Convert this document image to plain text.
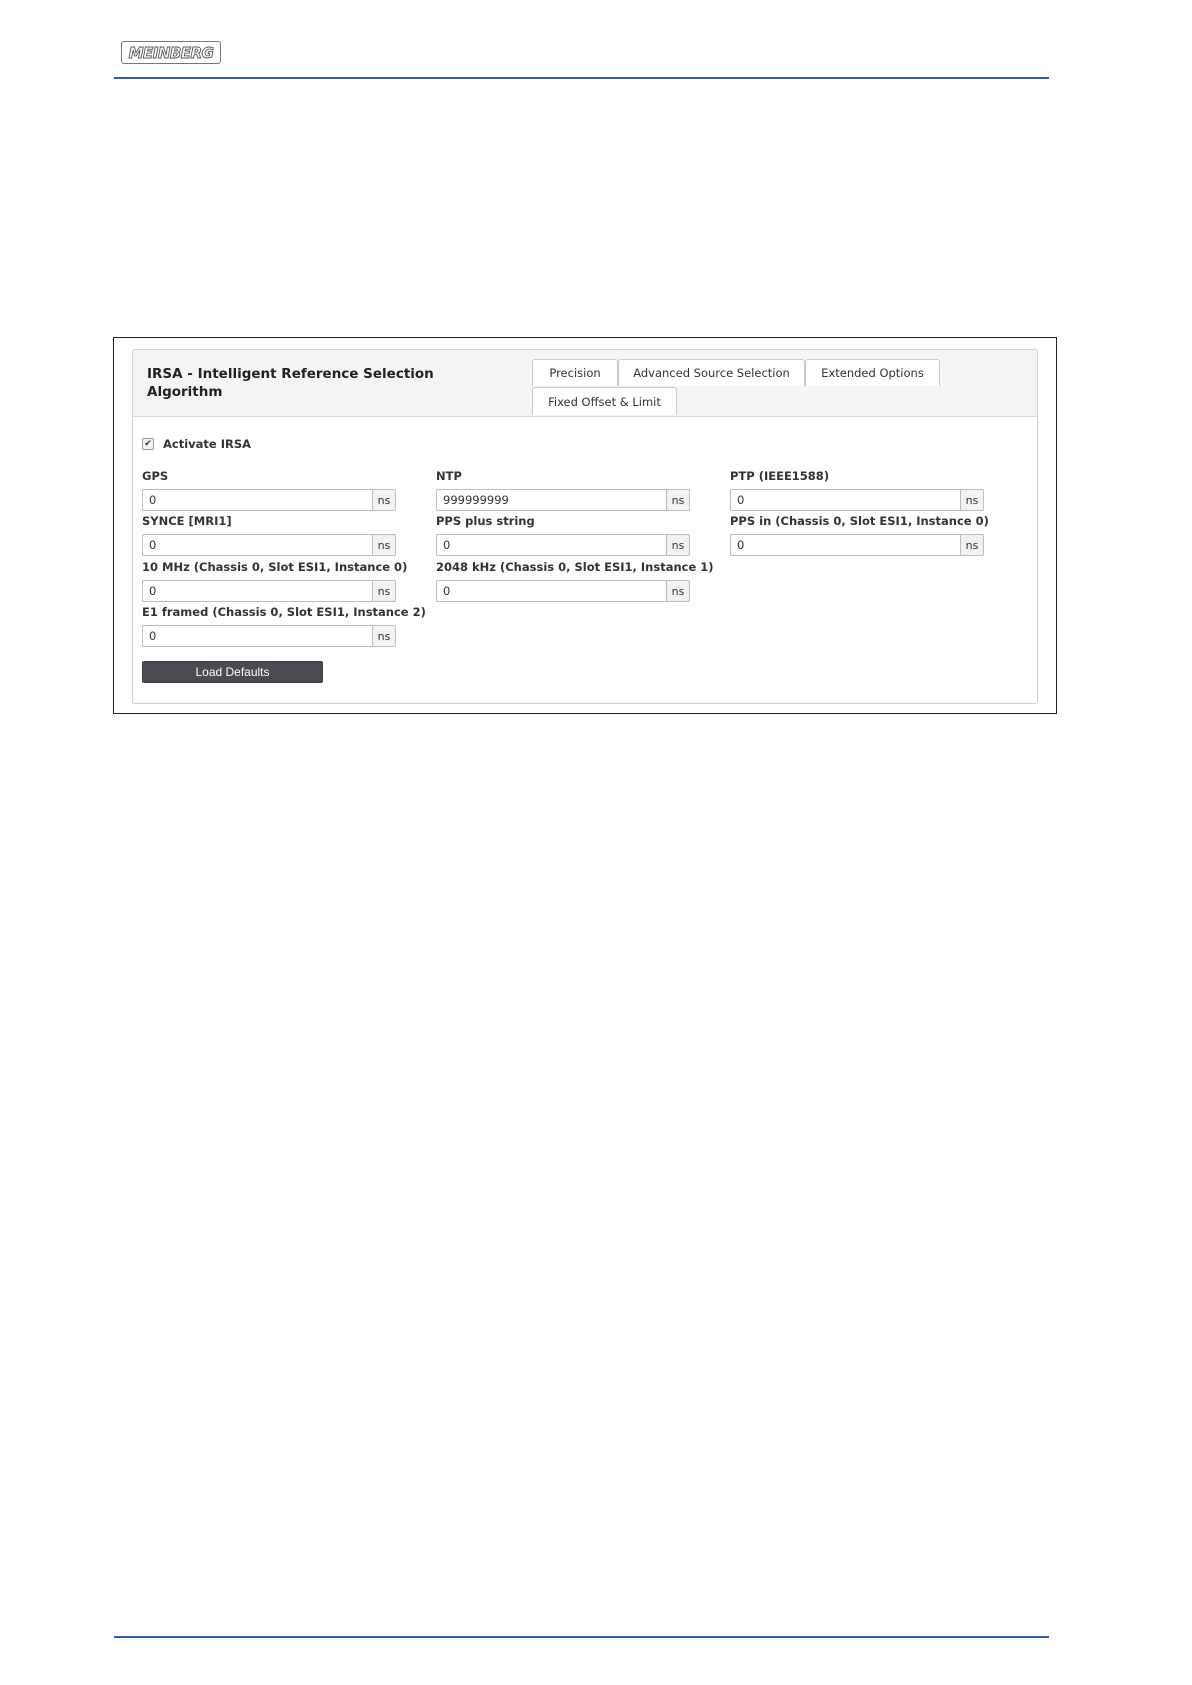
MEINBERG
IRSA - Intelligent Reference Selection Algorithm
Precision	Advanced Source Selection	Extended Options
Fixed Offset & Limit
✔ Activate IRSA
GPS
0
ns
NTP
999999999
ns
PTP (IEEE1588)
0
ns
SYNCE [MRI1]
0
ns
PPS plus string
0
ns
PPS in (Chassis 0, Slot ESI1, Instance 0)
0
ns
10 MHz (Chassis 0, Slot ESI1, Instance 0)
0
ns
2048 kHz (Chassis 0, Slot ESI1, Instance 1)
0
ns
E1 framed (Chassis 0, Slot ESI1, Instance 2)
0
ns
Load Defaults
